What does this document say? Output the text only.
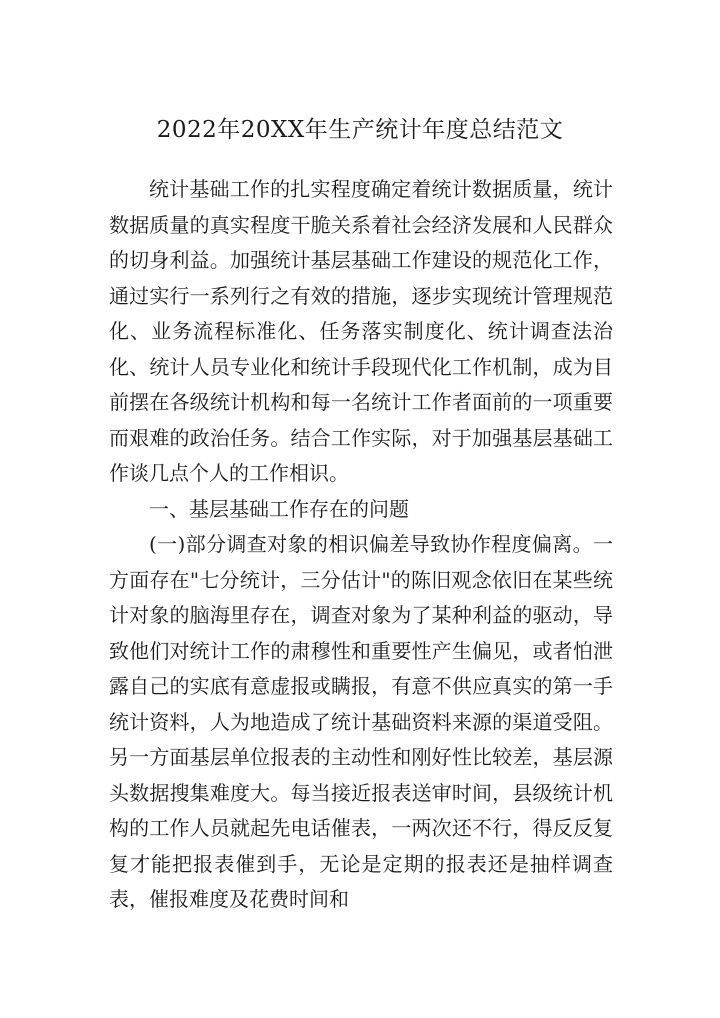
2022年20XX年生产统计年度总结范文

统计基础工作的扎实程度确定着统计数据质量，统计数据质量的真实程度干脆关系着社会经济发展和人民群众的切身利益。加强统计基层基础工作建设的规范化工作，通过实行一系列行之有效的措施，逐步实现统计管理规范化、业务流程标准化、任务落实制度化、统计调查法治化、统计人员专业化和统计手段现代化工作机制，成为目前摆在各级统计机构和每一名统计工作者面前的一项重要而艰难的政治任务。结合工作实际，对于加强基层基础工作谈几点个人的工作相识。

一、基层基础工作存在的问题

(一)部分调查对象的相识偏差导致协作程度偏离。一方面存在"七分统计，三分估计"的陈旧观念依旧在某些统计对象的脑海里存在，调查对象为了某种利益的驱动，导致他们对统计工作的肃穆性和重要性产生偏见，或者怕泄露自己的实底有意虚报或瞒报，有意不供应真实的第一手统计资料，人为地造成了统计基础资料来源的渠道受阻。另一方面基层单位报表的主动性和刚好性比较差，基层源头数据搜集难度大。每当接近报表送审时间，县级统计机构的工作人员就起先电话催表，一两次还不行，得反反复复才能把报表催到手，无论是定期的报表还是抽样调查表，催报难度及花费时间和
